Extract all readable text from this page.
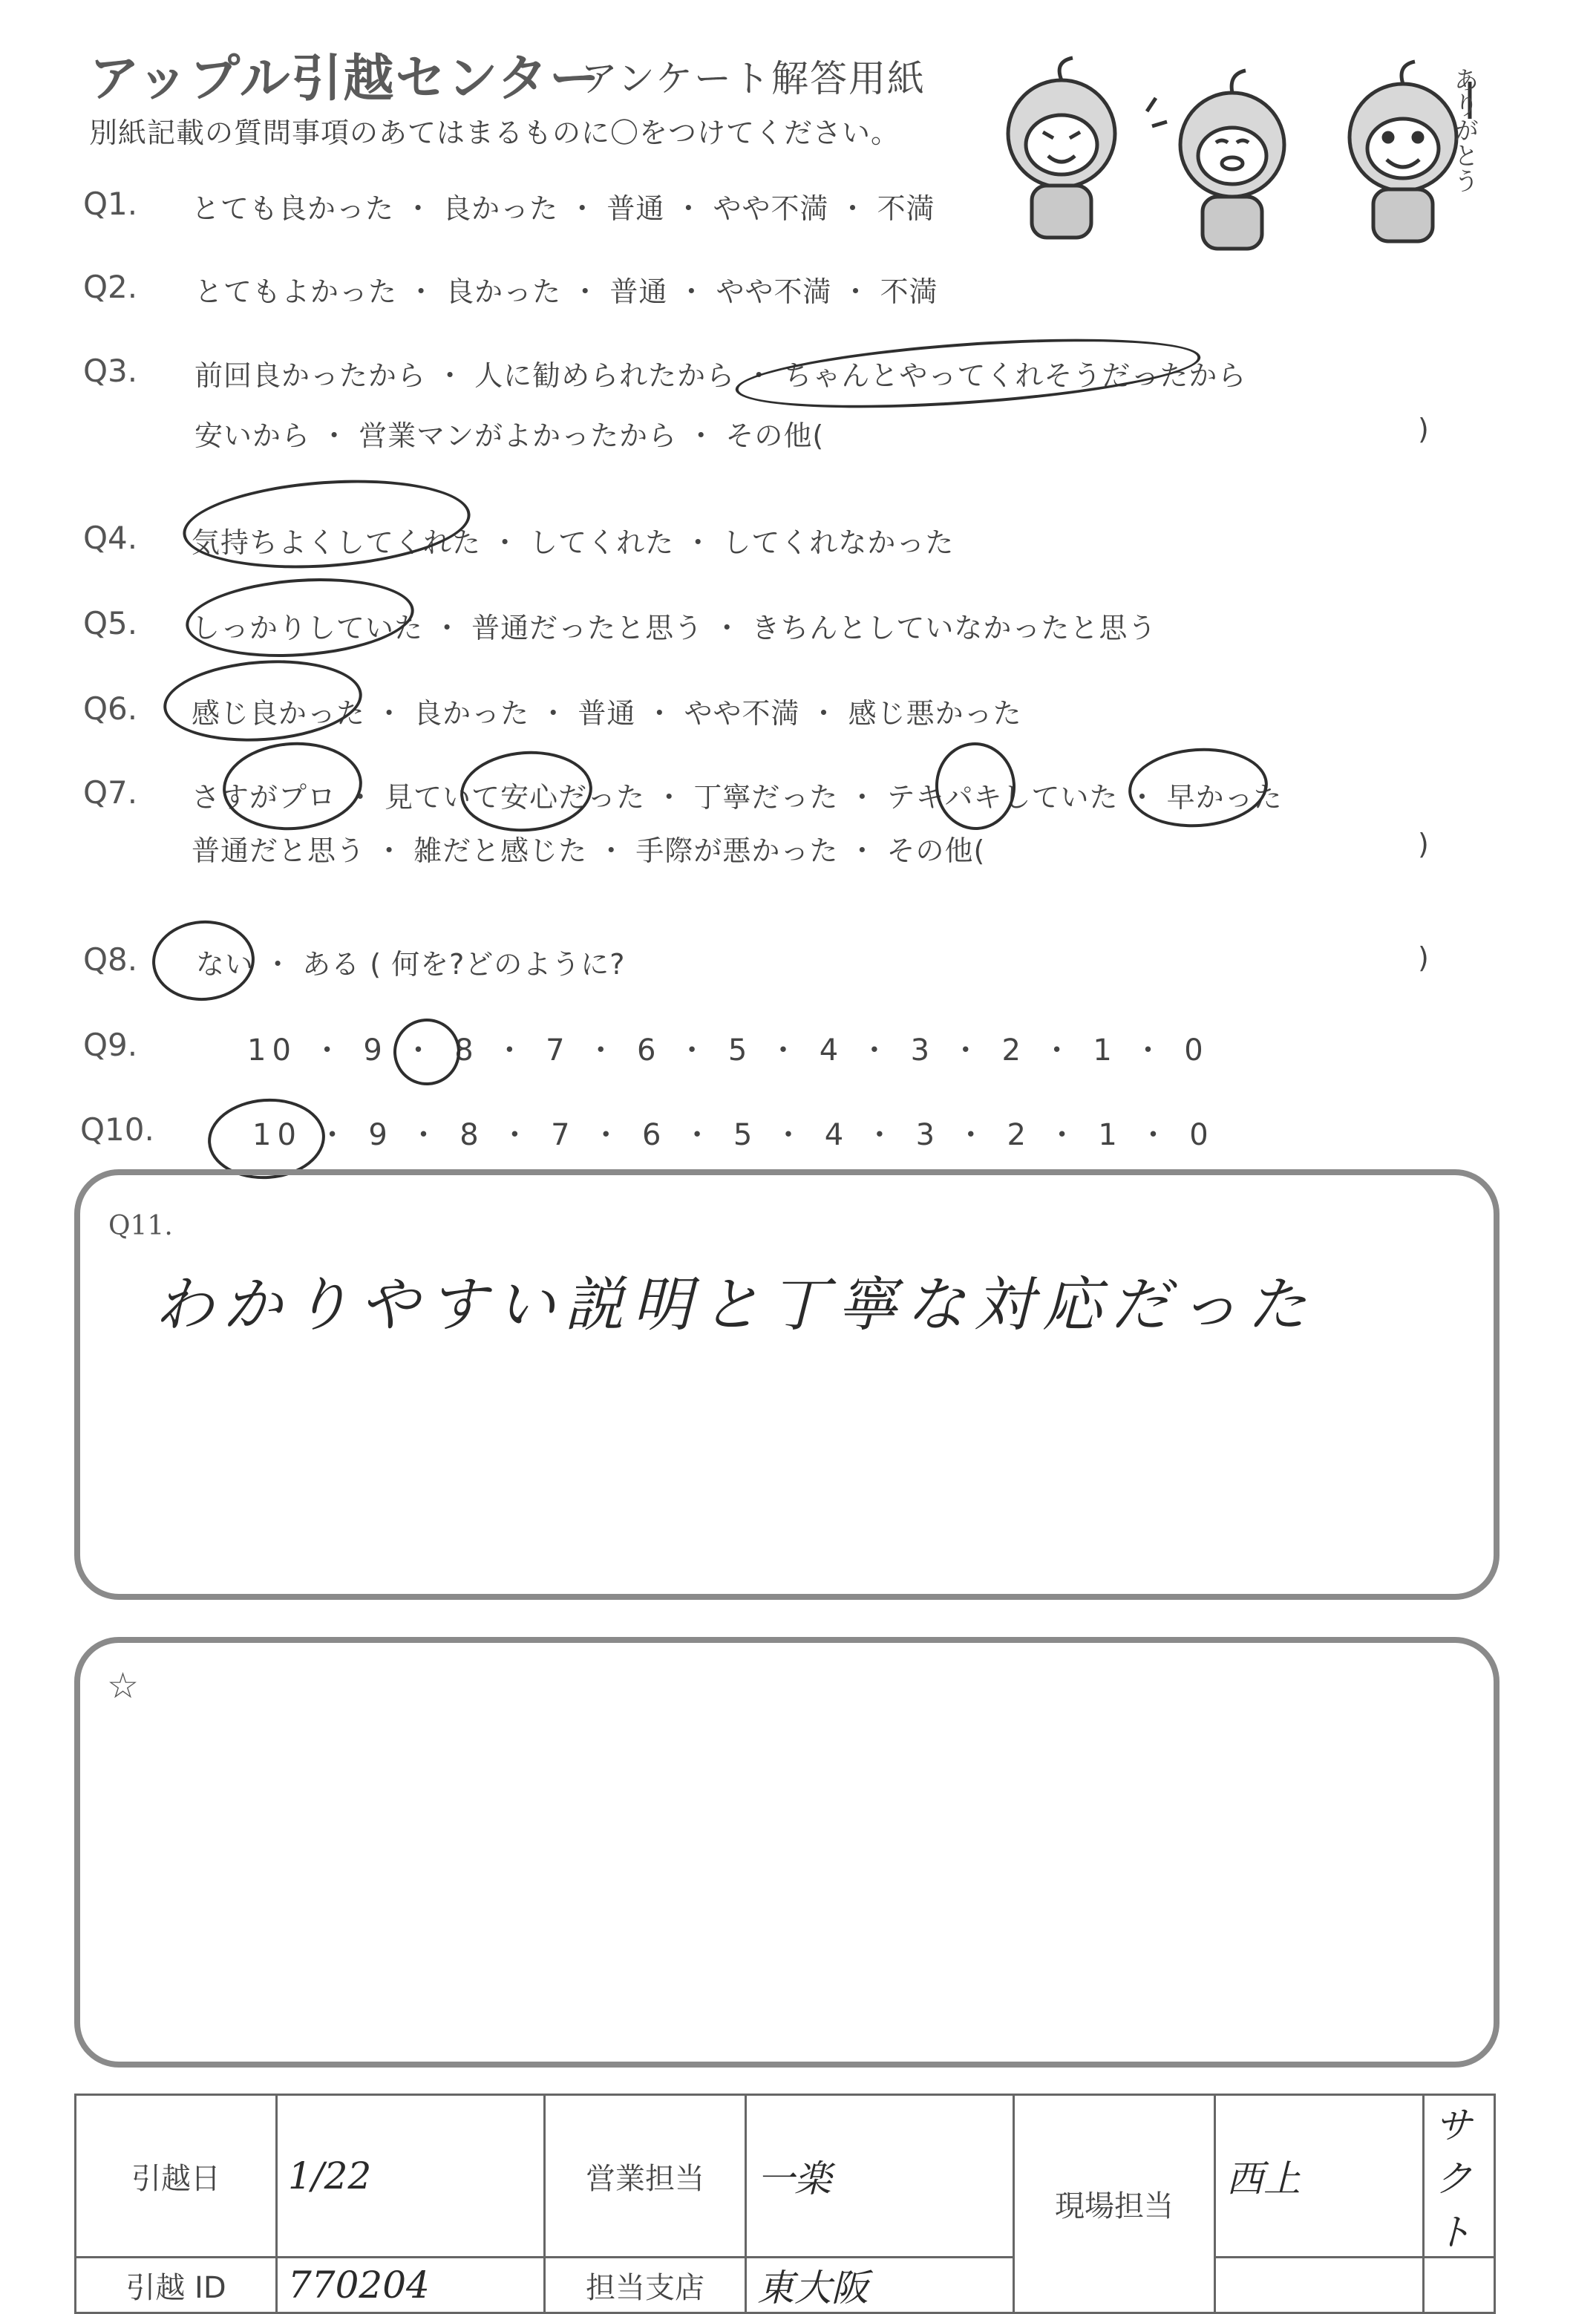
アップル引越センター
アンケート解答用紙
別紙記載の質問事項のあてはまるものに〇をつけてください。	ありがとう
Q1. とても良かった ・ 良かった ・ 普通 ・ やや不満 ・ 不満
Q2. とてもよかった ・ 良かった ・ 普通 ・ やや不満 ・ 不満
Q3. 前回良かったから ・ 人に勧められたから ・ ちゃんとやってくれそうだったから
安いから ・ 営業マンがよかったから ・ その他(	)
Q4. 気持ちよくしてくれた ・ してくれた ・ してくれなかった
Q5. しっかりしていた ・ 普通だったと思う ・ きちんとしていなかったと思う
Q6. 感じ良かった ・ 良かった ・ 普通 ・ やや不満 ・ 感じ悪かった
Q7. さすがプロ ・ 見ていて安心だった ・ 丁寧だった ・ テキパキしていた ・ 早かった
普通だと思う ・ 雑だと感じた ・ 手際が悪かった ・ その他(	)
Q8. ない ・ ある ( 何を?どのように?	)
Q9.	10 ・ 9 ・ 8 ・ 7 ・ 6 ・ 5 ・ 4 ・ 3 ・ 2 ・ 1 ・ 0
Q10.	10 ・ 9 ・ 8 ・ 7 ・ 6 ・ 5 ・ 4 ・ 3 ・ 2 ・ 1 ・ 0
Q11.
わかりやすい説明と丁寧な対応だった
☆
引越日	1/22	営業担当	一楽	現場担当	西上	サクト
引越 ID	770204	担当支店	東大阪			
